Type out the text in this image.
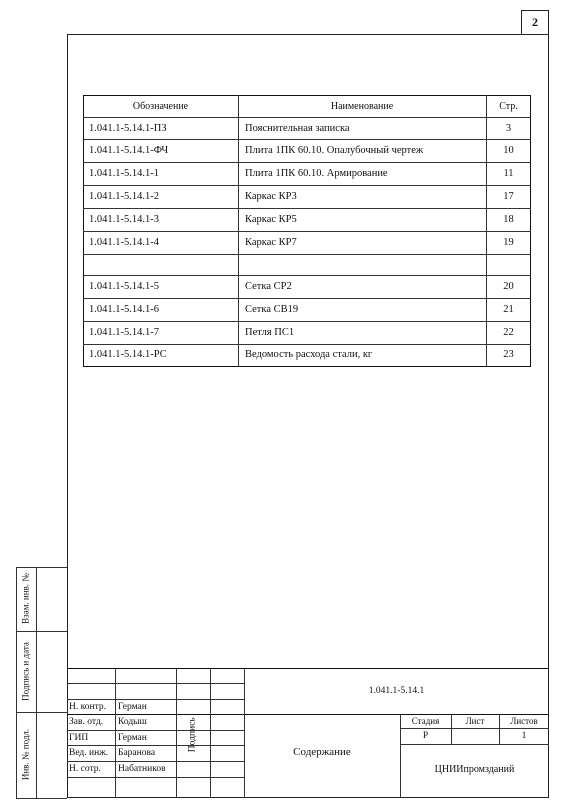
2
Обозначение	Наименование	Стр.
1.041.1-5.14.1-ПЗ	Пояснительная записка	3
1.041.1-5.14.1-ФЧ	Плита 1ПК 60.10. Опалубочный чертеж	10
1.041.1-5.14.1-1	Плита 1ПК 60.10. Армирование	11
1.041.1-5.14.1-2	Каркас КР3	17
1.041.1-5.14.1-3	Каркас КР5	18
1.041.1-5.14.1-4	Каркас КР7	19
1.041.1-5.14.1-5	Сетка СР2	20
1.041.1-5.14.1-6	Сетка СВ19	21
1.041.1-5.14.1-7	Петля ПС1	22
1.041.1-5.14.1-РС	Ведомость расхода стали, кг	23
Взам. инв. №
Подпись и дата
Инв. № подл.
1.041.1-5.14.1
Н. контр. Герман
Зав. отд. Кодыш
ГИП	Герман
Вед. инж. Баранова
Н. сотр. Набатников
Подпись	Стадия	Лист	Листов
Р	1
Содержание
ЦНИИпромзданий
